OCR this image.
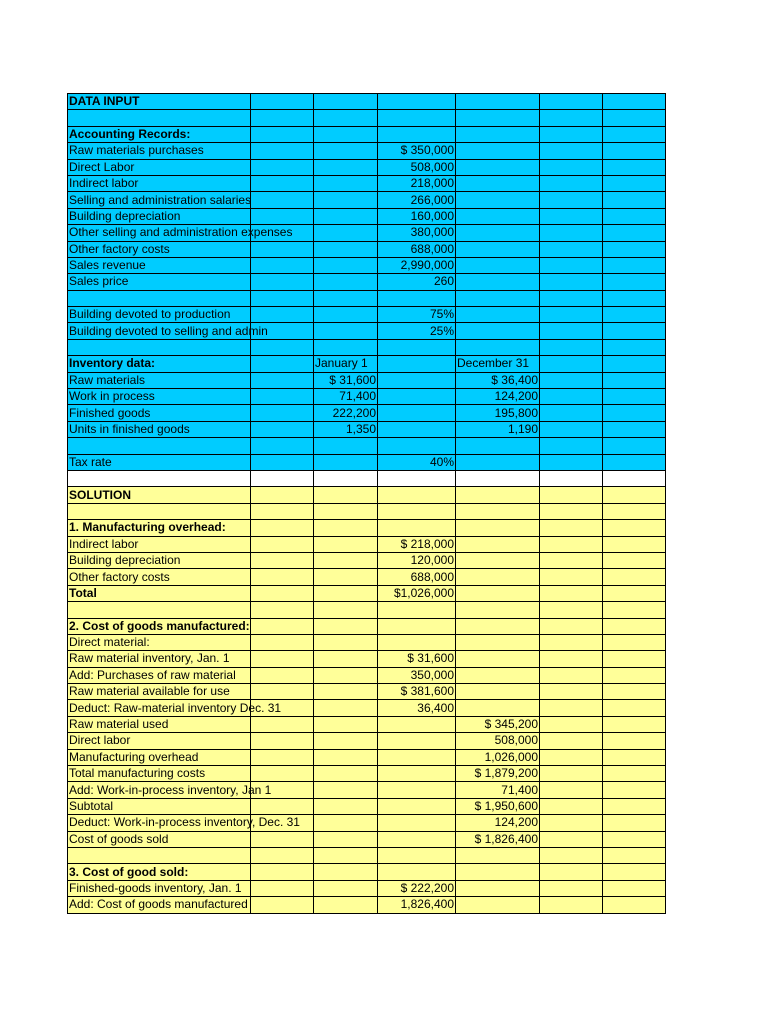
DATA INPUT						

Accounting Records:						
Raw materials purchases			$ 350,000			
Direct Labor			508,000			
Indirect labor			218,000			
Selling and administration salaries			266,000			
Building depreciation			160,000			
Other selling and administration expenses			380,000			
Other factory costs			688,000			
Sales revenue			2,990,000			
Sales price			260			

Building devoted to production			75%			
Building devoted to selling and admin			25%			

Inventory data:		January 1		December 31		
Raw materials		$ 31,600		$ 36,400		
Work in process		71,400		124,200		
Finished goods		222,200		195,800		
Units in finished goods		1,350		1,190		

Tax rate			40%			

SOLUTION						

1. Manufacturing overhead:						
Indirect labor			$ 218,000			
Building depreciation			120,000			
Other factory costs			688,000			
Total			$1,026,000			

2. Cost of goods manufactured:						
Direct material:						
Raw material inventory, Jan. 1			$ 31,600			
Add: Purchases of raw material			350,000			
Raw material available for use			$ 381,600			
Deduct: Raw-material inventory Dec. 31			36,400			
Raw material used				$ 345,200		
Direct labor				508,000		
Manufacturing overhead				1,026,000		
Total manufacturing costs				$ 1,879,200		
Add: Work-in-process inventory, Jan 1				71,400		
Subtotal				$ 1,950,600		
Deduct: Work-in-process inventory, Dec. 31				124,200		
Cost of goods sold				$ 1,826,400		

3. Cost of good sold:						
Finished-goods inventory, Jan. 1			$ 222,200			
Add: Cost of goods manufactured			1,826,400			
